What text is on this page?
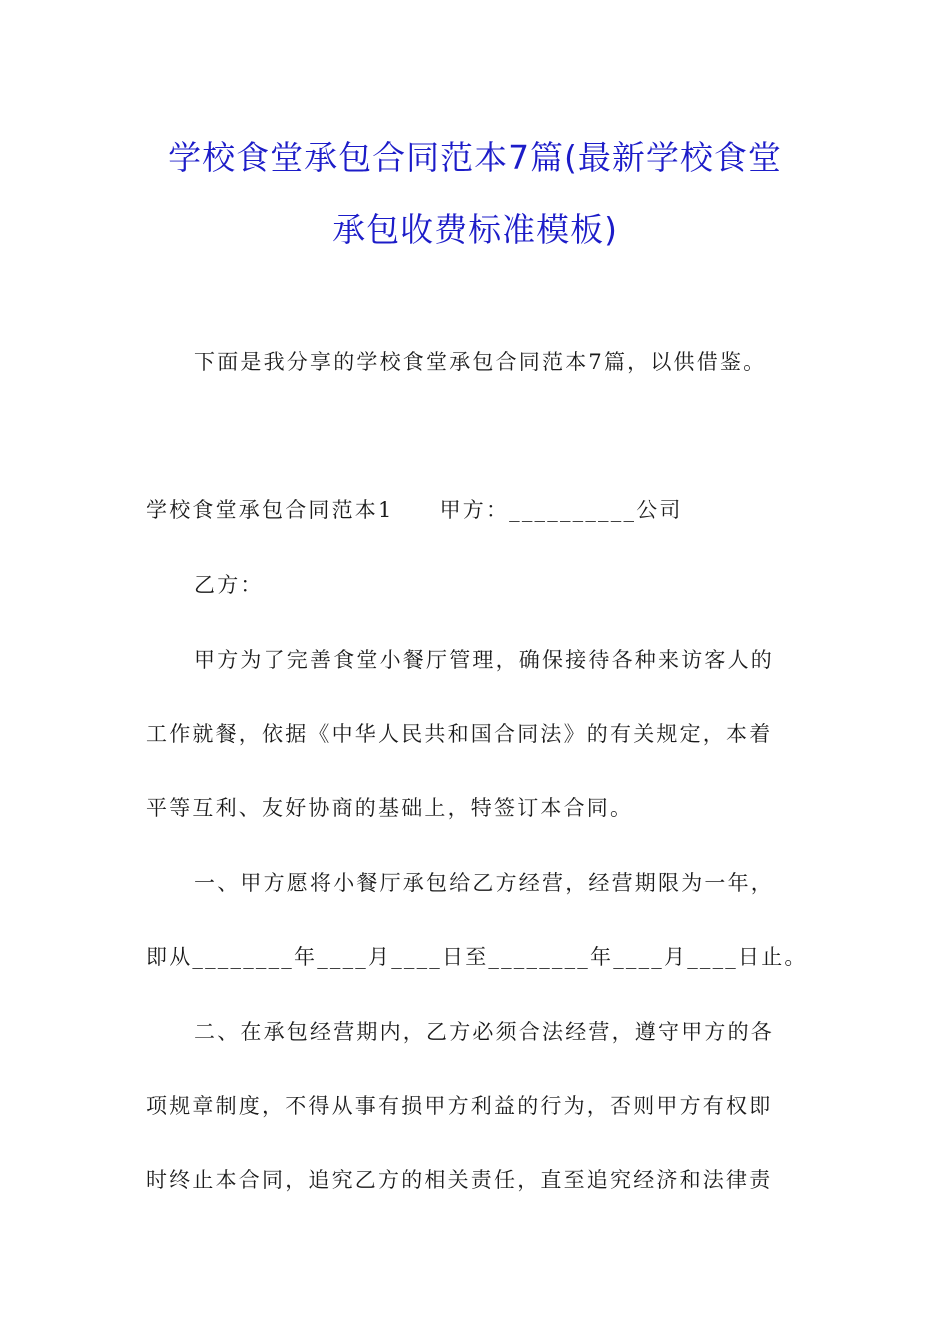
学校食堂承包合同范本7篇(最新学校食堂
承包收费标准模板)

下面是我分享的学校食堂承包合同范本7篇，以供借鉴。

学校食堂承包合同范本1 甲方：__________公司

乙方：

甲方为了完善食堂小餐厅管理，确保接待各种来访客人的

工作就餐，依据《中华人民共和国合同法》的有关规定，本着

平等互利、友好协商的基础上，特签订本合同。

一、甲方愿将小餐厅承包给乙方经营，经营期限为一年，

即从________年____月____日至________年____月____日止。

二、在承包经营期内，乙方必须合法经营，遵守甲方的各

项规章制度，不得从事有损甲方利益的行为，否则甲方有权即

时终止本合同，追究乙方的相关责任，直至追究经济和法律责
